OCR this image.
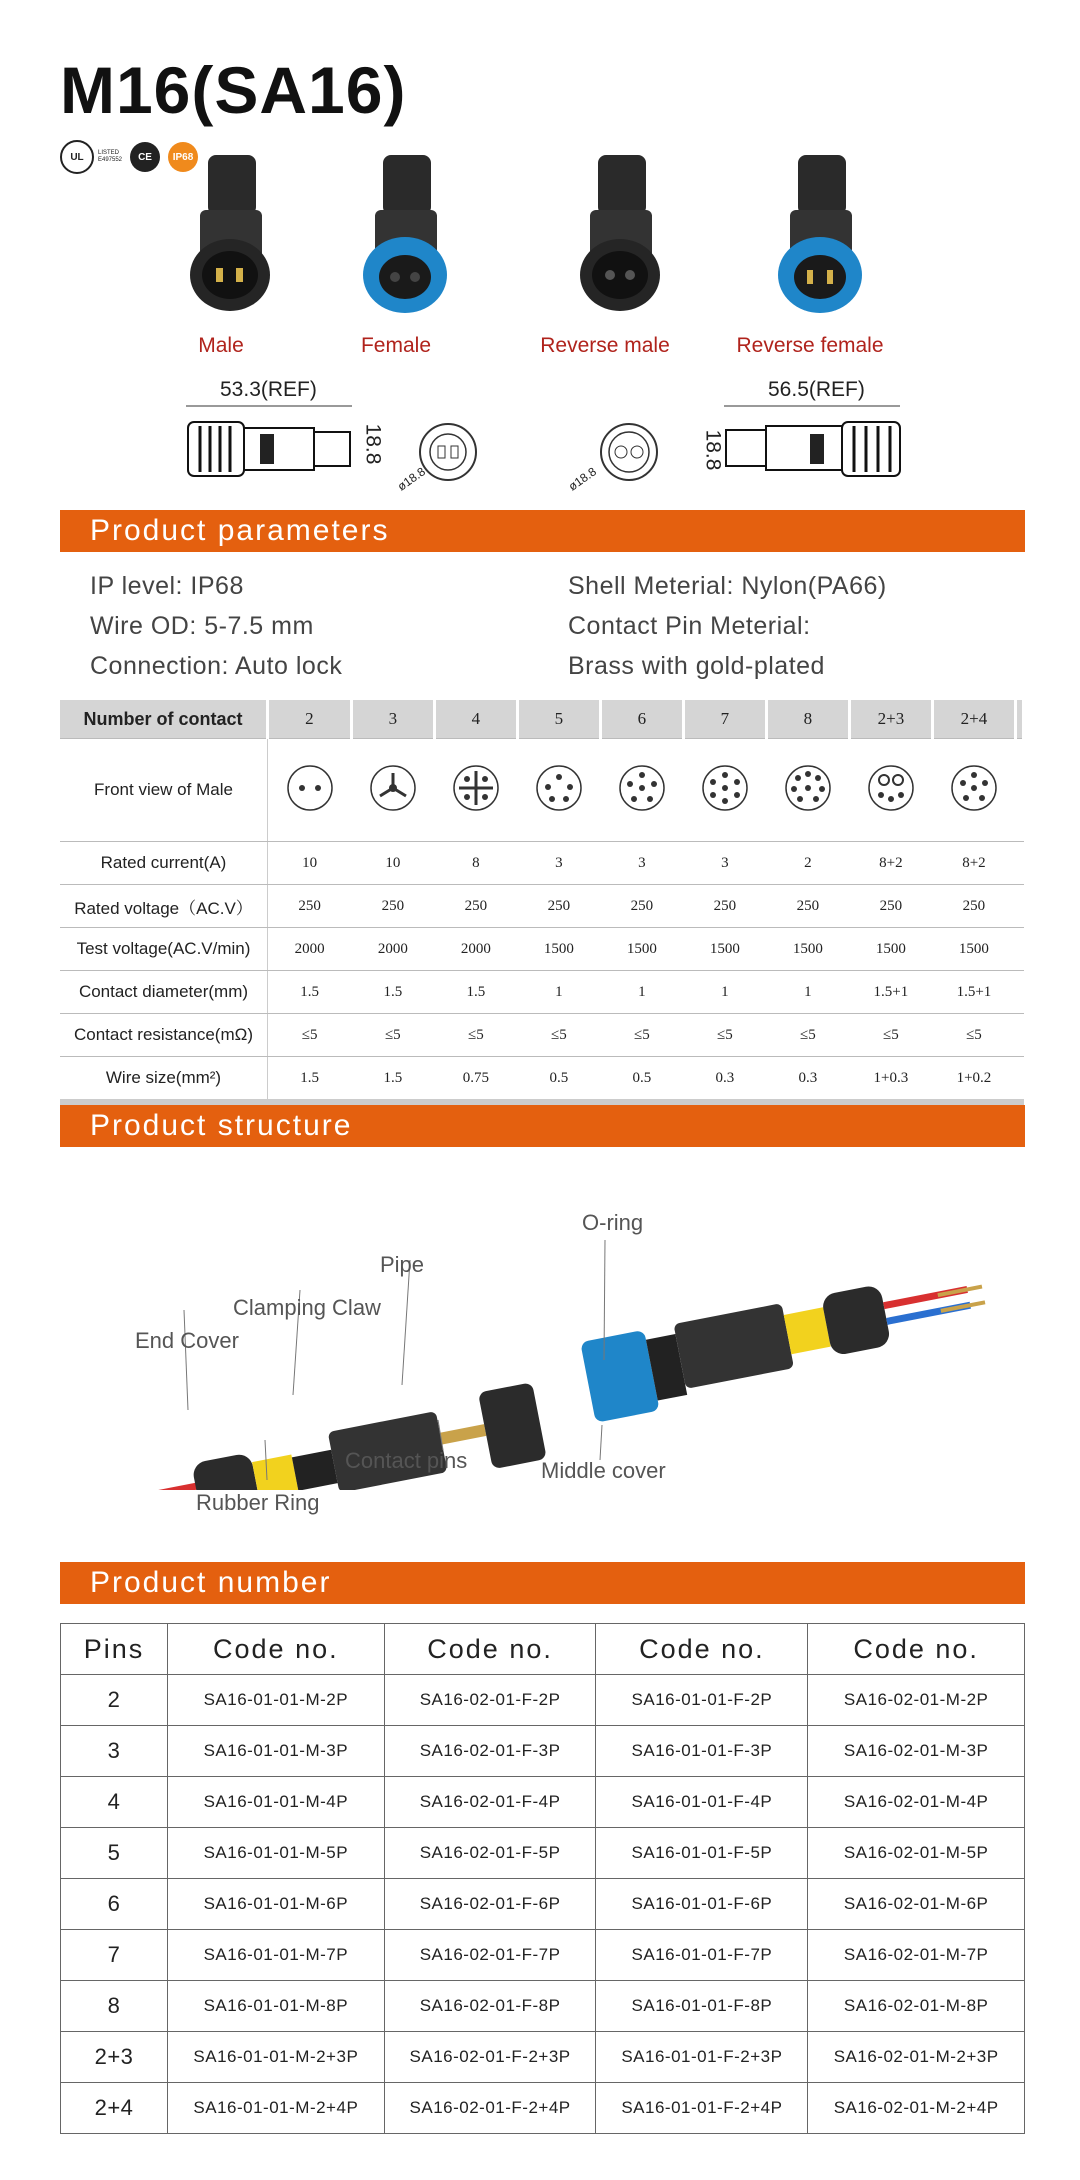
M16(SA16)
UL	LISTED
E497552	CE	IP68
Male	Female	Reverse male	Reverse female
53.3(REF)
18.8
ø18.8	ø18.8
56.5(REF)
18.8
Product parameters
IP level: IP68
Wire OD: 5-7.5 mm
Connection: Auto lock
Shell Meterial: Nylon(PA66)
Contact Pin Meterial:
Brass with gold-plated
Number of contact	2	3	4	5	6	7	8	2+3	2+4	
Front view of Male										
Rated current(A)	10	10	8	3	3	3	2	8+2	8+2	
Rated voltage（AC.V）	250	250	250	250	250	250	250	250	250	
Test voltage(AC.V/min)	2000	2000	2000	1500	1500	1500	1500	1500	1500	
Contact diameter(mm)	1.5	1.5	1.5	1	1	1	1	1.5+1	1.5+1	
Contact resistance(mΩ)	≤5	≤5	≤5	≤5	≤5	≤5	≤5	≤5	≤5	
Wire size(mm²)	1.5	1.5	0.75	0.5	0.5	0.3	0.3	1+0.3	1+0.2	
Product structure
End Cover
Clamping Claw
Pipe
O-ring
Contact pins	Middle cover
Rubber Ring
Product number
Pins	Code no.	Code no.	Code no.	Code no.
2	SA16-01-01-M-2P	SA16-02-01-F-2P	SA16-01-01-F-2P	SA16-02-01-M-2P
3	SA16-01-01-M-3P	SA16-02-01-F-3P	SA16-01-01-F-3P	SA16-02-01-M-3P
4	SA16-01-01-M-4P	SA16-02-01-F-4P	SA16-01-01-F-4P	SA16-02-01-M-4P
5	SA16-01-01-M-5P	SA16-02-01-F-5P	SA16-01-01-F-5P	SA16-02-01-M-5P
6	SA16-01-01-M-6P	SA16-02-01-F-6P	SA16-01-01-F-6P	SA16-02-01-M-6P
7	SA16-01-01-M-7P	SA16-02-01-F-7P	SA16-01-01-F-7P	SA16-02-01-M-7P
8	SA16-01-01-M-8P	SA16-02-01-F-8P	SA16-01-01-F-8P	SA16-02-01-M-8P
2+3	SA16-01-01-M-2+3P	SA16-02-01-F-2+3P	SA16-01-01-F-2+3P	SA16-02-01-M-2+3P
2+4	SA16-01-01-M-2+4P	SA16-02-01-F-2+4P	SA16-01-01-F-2+4P	SA16-02-01-M-2+4P
